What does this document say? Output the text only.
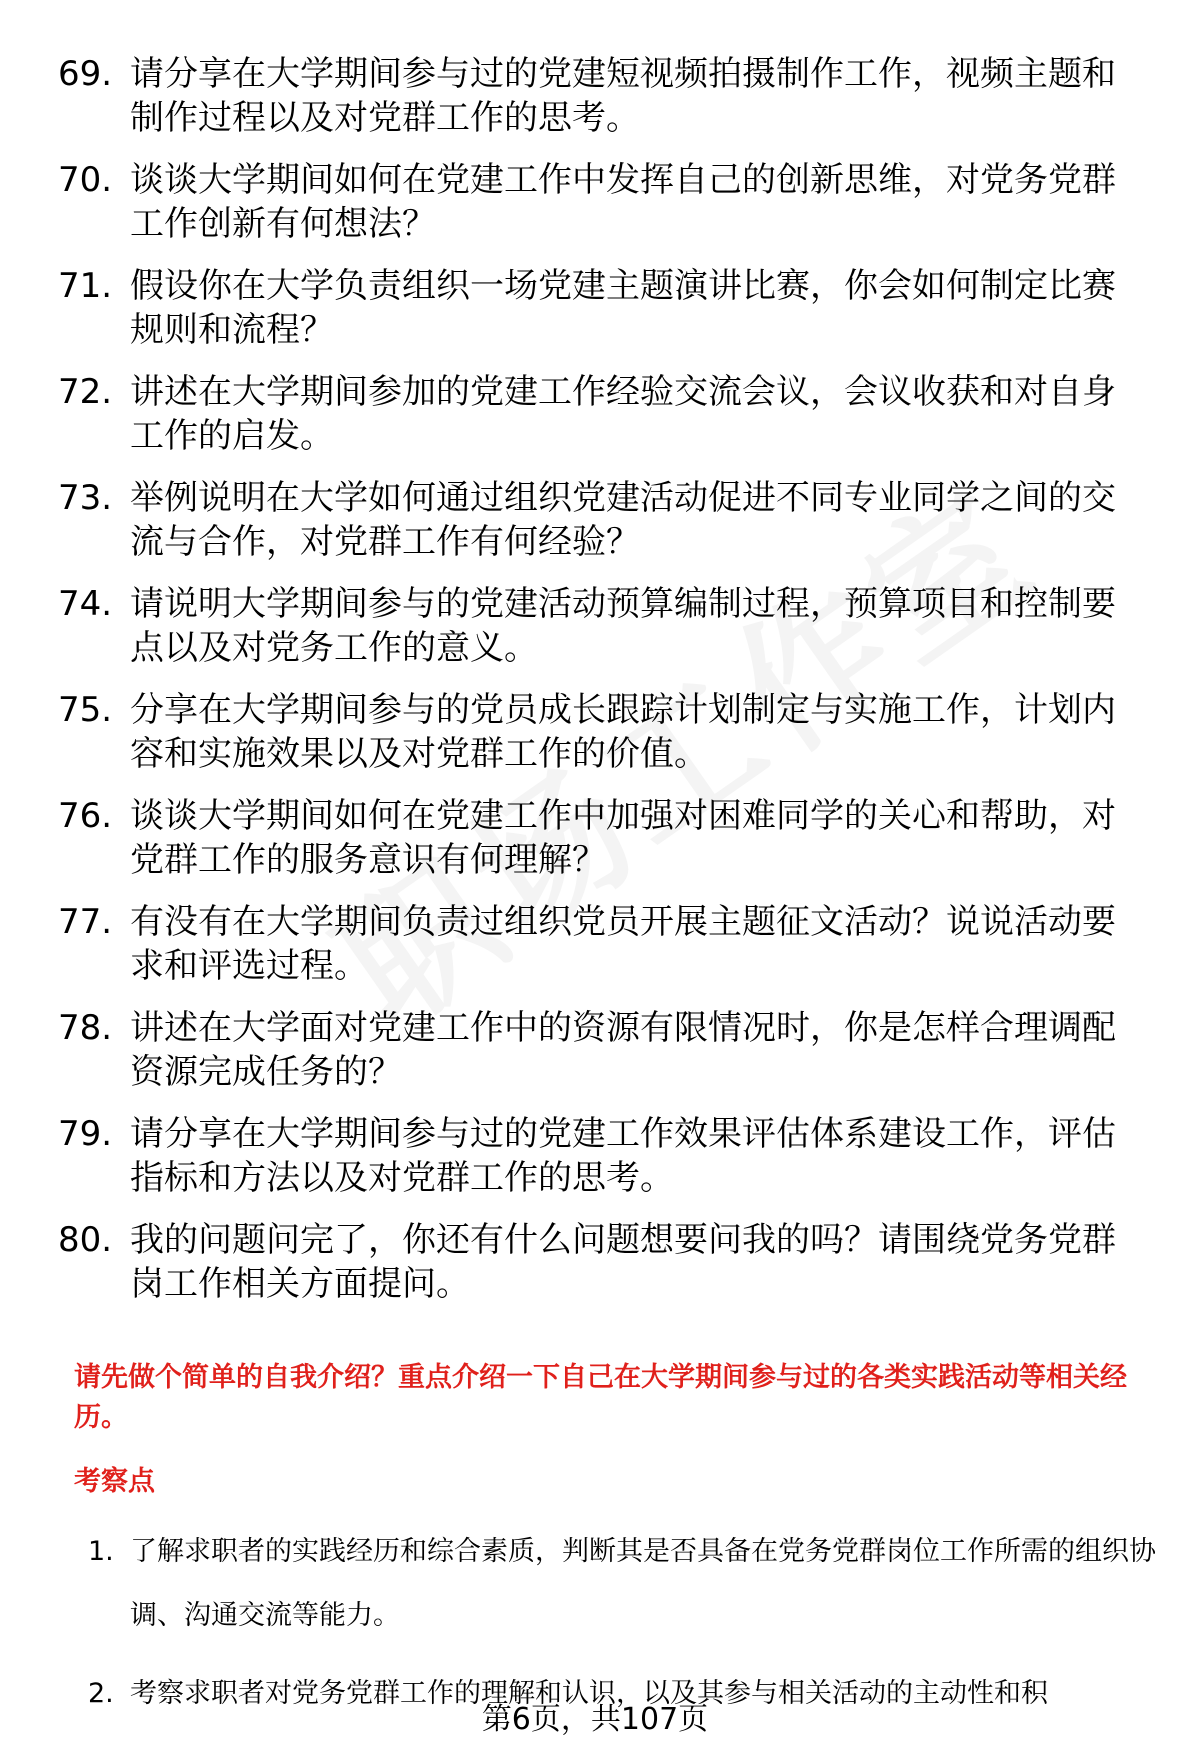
69. 请分享在大学期间参与过的党建短视频拍摄制作工作，视频主题和制作过程以及对党群工作的思考。
70. 谈谈大学期间如何在党建工作中发挥自己的创新思维，对党务党群工作创新有何想法？
71. 假设你在大学负责组织一场党建主题演讲比赛，你会如何制定比赛规则和流程？
72. 讲述在大学期间参加的党建工作经验交流会议，会议收获和对自身工作的启发。
73. 举例说明在大学如何通过组织党建活动促进不同专业同学之间的交流与合作，对党群工作有何经验？
74. 请说明大学期间参与的党建活动预算编制过程，预算项目和控制要点以及对党务工作的意义。
75. 分享在大学期间参与的党员成长跟踪计划制定与实施工作，计划内容和实施效果以及对党群工作的价值。
76. 谈谈大学期间如何在党建工作中加强对困难同学的关心和帮助，对党群工作的服务意识有何理解？
77. 有没有在大学期间负责过组织党员开展主题征文活动？说说活动要求和评选过程。
78. 讲述在大学面对党建工作中的资源有限情况时，你是怎样合理调配资源完成任务的？
79. 请分享在大学期间参与过的党建工作效果评估体系建设工作，评估指标和方法以及对党群工作的思考。
80. 我的问题问完了，你还有什么问题想要问我的吗？请围绕党务党群岗工作相关方面提问。
请先做个简单的自我介绍？重点介绍一下自己在大学期间参与过的各类实践活动等相关经历。
考察点
1. 了解求职者的实践经历和综合素质，判断其是否具备在党务党群岗位工作所需的组织协调、沟通交流等能力。
2. 考察求职者对党务党群工作的理解和认识，以及其参与相关活动的主动性和积
第6页，共107页
